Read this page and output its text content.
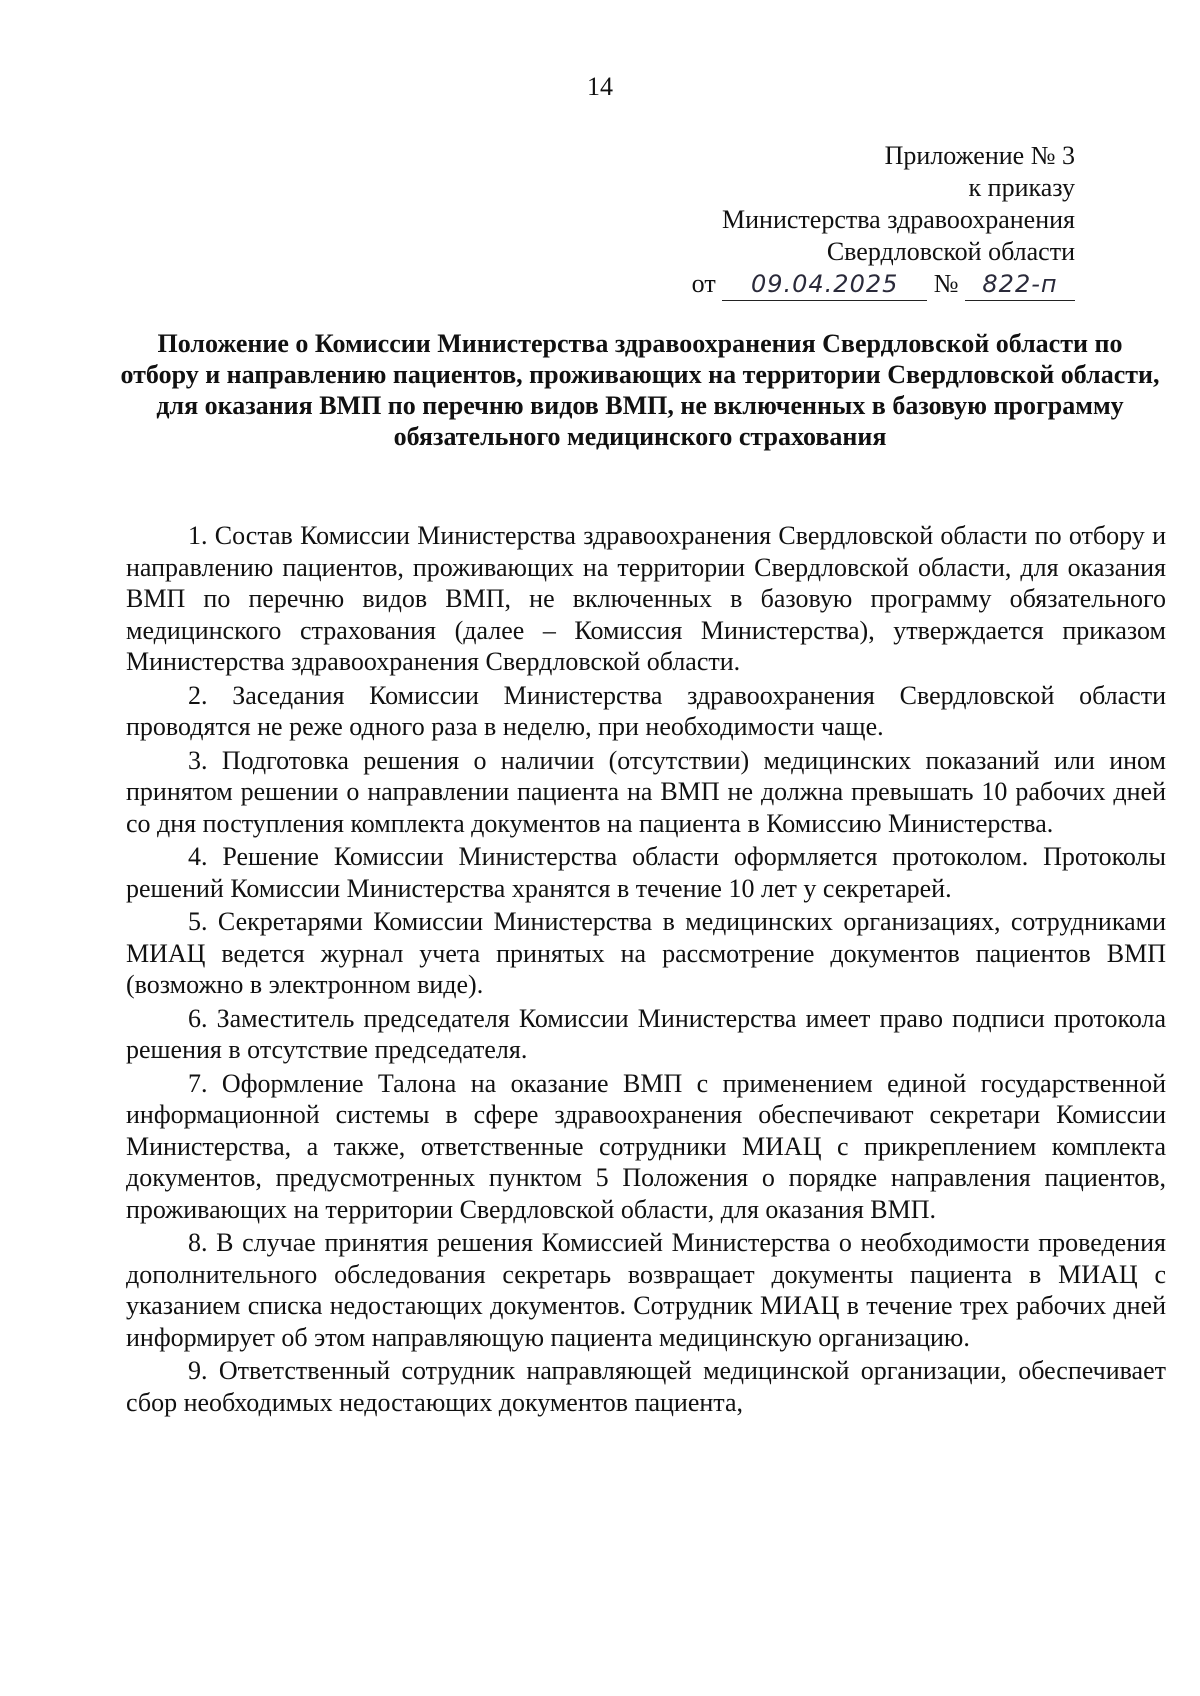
14
Приложение № 3
к приказу
Министерства здравоохранения
Свердловской области
от 09.04.2025 № 822-п
Положение о Комиссии Министерства здравоохранения Свердловской области по отбору и направлению пациентов, проживающих на территории Свердловской области, для оказания ВМП по перечню видов ВМП, не включенных в базовую программу обязательного медицинского страхования

1. Состав Комиссии Министерства здравоохранения Свердловской области по отбору и направлению пациентов, проживающих на территории Свердловской области, для оказания ВМП по перечню видов ВМП, не включенных в базовую программу обязательного медицинского страхования (далее – Комиссия Министерства), утверждается приказом Министерства здравоохранения Свердловской области.

2. Заседания Комиссии Министерства здравоохранения Свердловской области проводятся не реже одного раза в неделю, при необходимости чаще.

3. Подготовка решения о наличии (отсутствии) медицинских показаний или ином принятом решении о направлении пациента на ВМП не должна превышать 10 рабочих дней со дня поступления комплекта документов на пациента в Комиссию Министерства.

4. Решение Комиссии Министерства области оформляется протоколом. Протоколы решений Комиссии Министерства хранятся в течение 10 лет у секретарей.

5. Секретарями Комиссии Министерства в медицинских организациях, сотрудниками МИАЦ ведется журнал учета принятых на рассмотрение документов пациентов ВМП (возможно в электронном виде).

6. Заместитель председателя Комиссии Министерства имеет право подписи протокола решения в отсутствие председателя.

7. Оформление Талона на оказание ВМП с применением единой государственной информационной системы в сфере здравоохранения обеспечивают секретари Комиссии Министерства, а также, ответственные сотрудники МИАЦ с прикреплением комплекта документов, предусмотренных пунктом 5 Положения о порядке направления пациентов, проживающих на территории Свердловской области, для оказания ВМП.

8. В случае принятия решения Комиссией Министерства о необходимости проведения дополнительного обследования секретарь возвращает документы пациента в МИАЦ с указанием списка недостающих документов. Сотрудник МИАЦ в течение трех рабочих дней информирует об этом направляющую пациента медицинскую организацию.

9. Ответственный сотрудник направляющей медицинской организации, обеспечивает сбор необходимых недостающих документов пациента,
